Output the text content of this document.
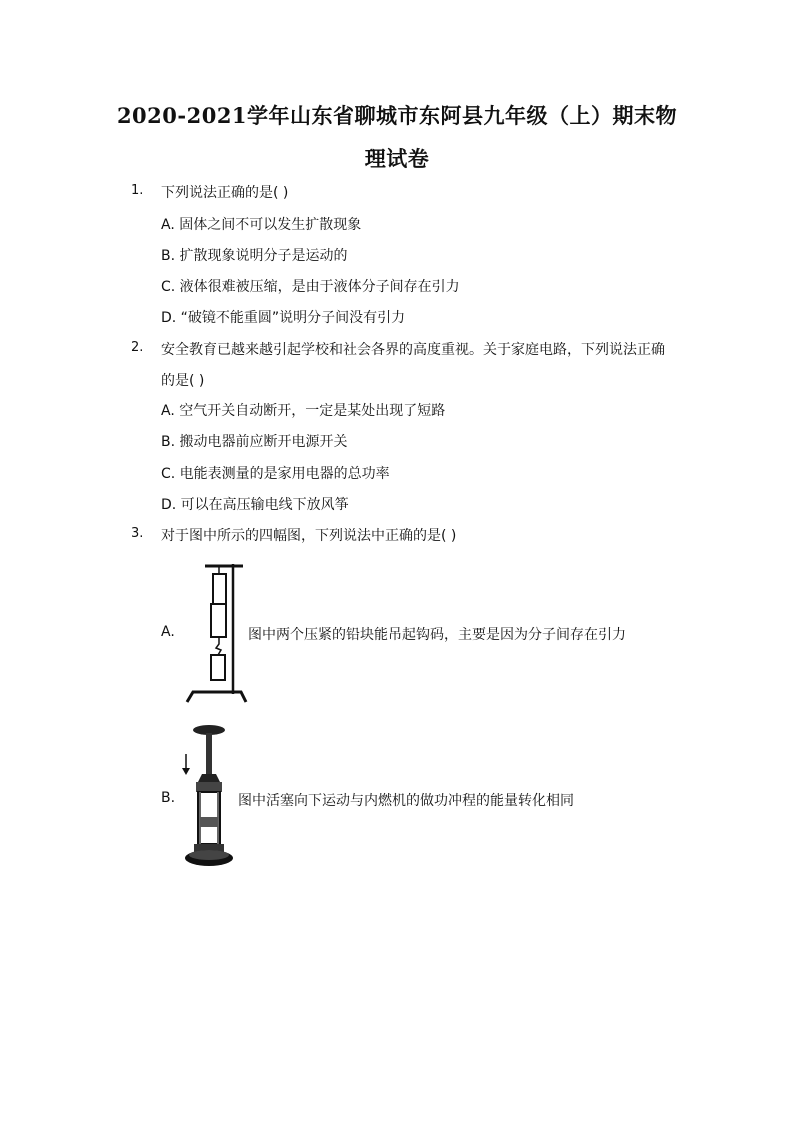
2020-2021学年山东省聊城市东阿县九年级（上）期末物
理试卷
1. 下列说法正确的是( )
A. 固体之间不可以发生扩散现象
B. 扩散现象说明分子是运动的
C. 液体很难被压缩，是由于液体分子间存在引力
D. “破镜不能重圆”说明分子间没有引力
2. 安全教育已越来越引起学校和社会各界的高度重视。关于家庭电路，下列说法正确
的是( )
A. 空气开关自动断开，一定是某处出现了短路
B. 搬动电器前应断开电源开关
C. 电能表测量的是家用电器的总功率
D. 可以在高压输电线下放风筝
3. 对于图中所示的四幅图，下列说法中正确的是( )
A.	图中两个压紧的铅块能吊起钩码，主要是因为分子间存在引力
B.	图中活塞向下运动与内燃机的做功冲程的能量转化相同
